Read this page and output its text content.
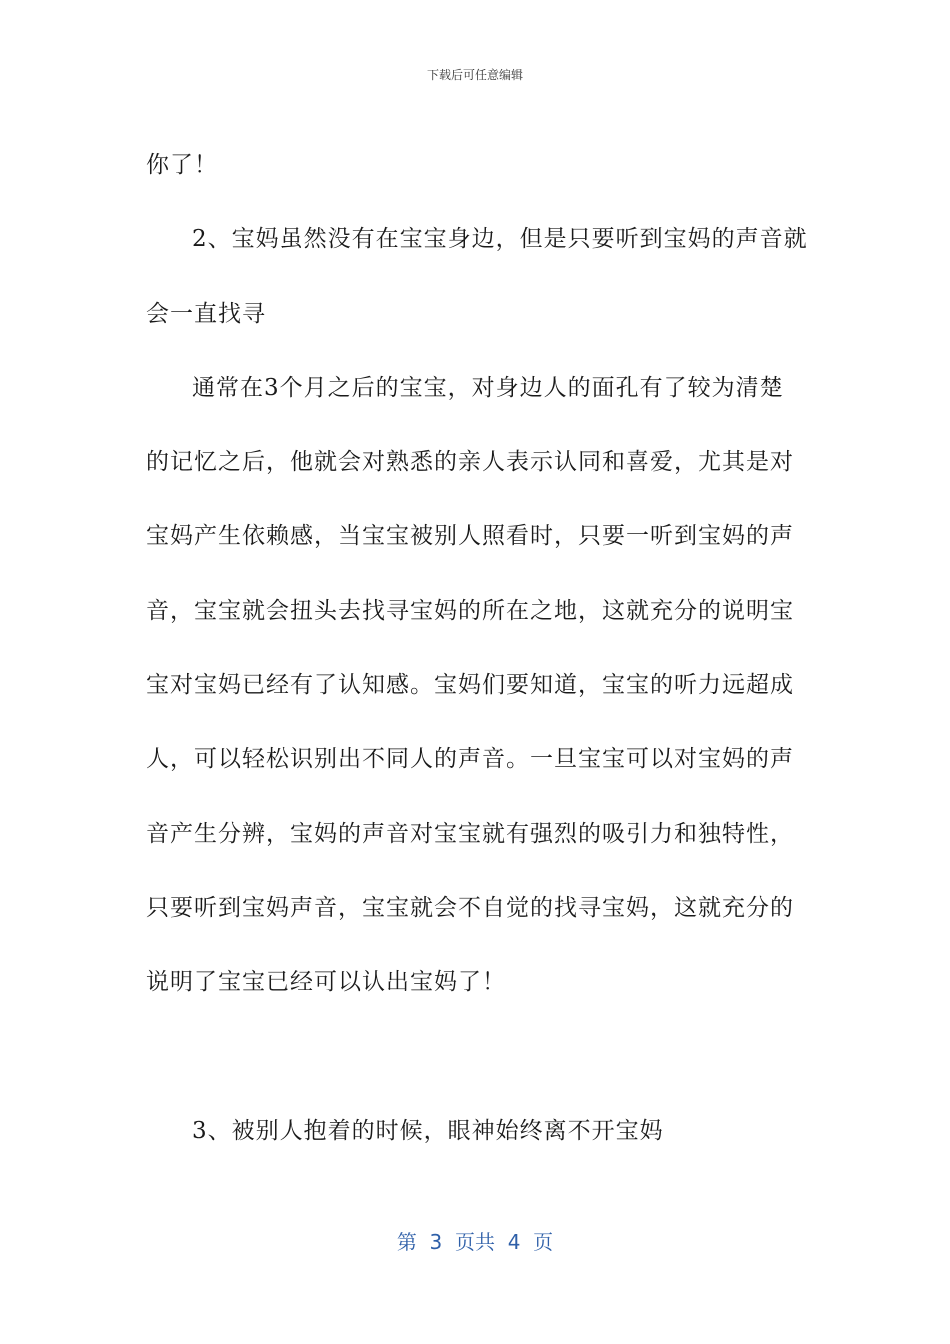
下载后可任意编辑
你了！
2、宝妈虽然没有在宝宝身边，但是只要听到宝妈的声音就
会一直找寻
通常在3个月之后的宝宝，对身边人的面孔有了较为清楚
的记忆之后，他就会对熟悉的亲人表示认同和喜爱，尤其是对
宝妈产生依赖感，当宝宝被别人照看时，只要一听到宝妈的声
音，宝宝就会扭头去找寻宝妈的所在之地，这就充分的说明宝
宝对宝妈已经有了认知感。宝妈们要知道，宝宝的听力远超成
人，可以轻松识别出不同人的声音。一旦宝宝可以对宝妈的声
音产生分辨，宝妈的声音对宝宝就有强烈的吸引力和独特性，
只要听到宝妈声音，宝宝就会不自觉的找寻宝妈，这就充分的
说明了宝宝已经可以认出宝妈了！
3、被别人抱着的时候，眼神始终离不开宝妈
第  3  页共  4  页
